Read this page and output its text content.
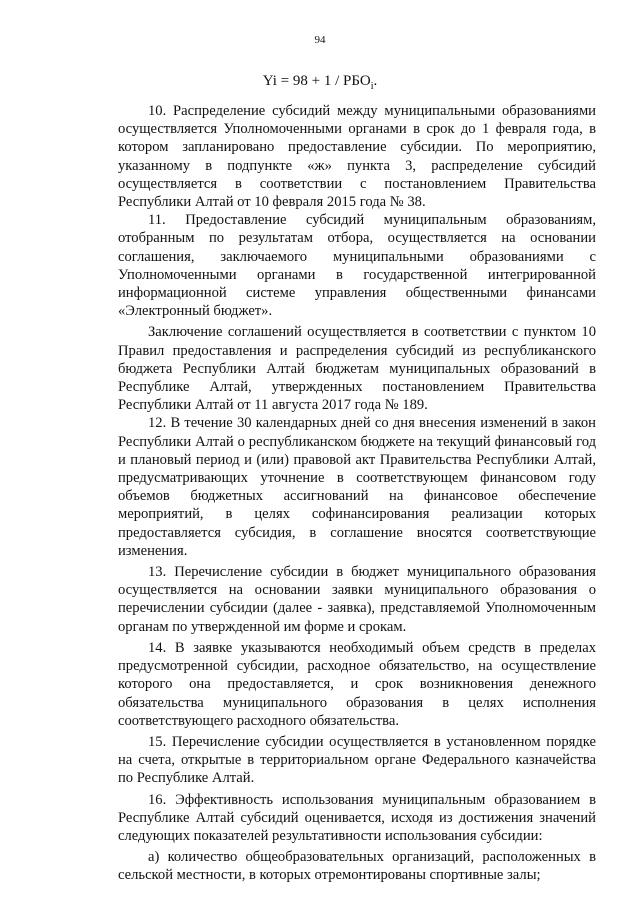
94
$Yi = 98 + 1 / РБО_i$.

10. Распределение субсидий между муниципальными образованиями осуществляется Уполномоченными органами в срок до 1 февраля года, в котором запланировано предоставление субсидии. По мероприятию, указанному в подпункте «ж» пункта 3, распределение субсидий осуществляется в соответствии с постановлением Правительства Республики Алтай от 10 февраля 2015 года № 38.

11. Предоставление субсидий муниципальным образованиям, отобранным по результатам отбора, осуществляется на основании соглашения, заключаемого муниципальными образованиями с Уполномоченными органами в государственной интегрированной информационной системе управления общественными финансами «Электронный бюджет».

Заключение соглашений осуществляется в соответствии с пунктом 10 Правил предоставления и распределения субсидий из республиканского бюджета Республики Алтай бюджетам муниципальных образований в Республике Алтай, утвержденных постановлением Правительства Республики Алтай от 11 августа 2017 года № 189.

12. В течение 30 календарных дней со дня внесения изменений в закон Республики Алтай о республиканском бюджете на текущий финансовый год и плановый период и (или) правовой акт Правительства Республики Алтай, предусматривающих уточнение в соответствующем финансовом году объемов бюджетных ассигнований на финансовое обеспечение мероприятий, в целях софинансирования реализации которых предоставляется субсидия, в соглашение вносятся соответствующие изменения.

13. Перечисление субсидии в бюджет муниципального образования осуществляется на основании заявки муниципального образования о перечислении субсидии (далее - заявка), представляемой Уполномоченным органам по утвержденной им форме и срокам.

14. В заявке указываются необходимый объем средств в пределах предусмотренной субсидии, расходное обязательство, на осуществление которого она предоставляется, и срок возникновения денежного обязательства муниципального образования в целях исполнения соответствующего расходного обязательства.

15. Перечисление субсидии осуществляется в установленном порядке на счета, открытые в территориальном органе Федерального казначейства по Республике Алтай.

16. Эффективность использования муниципальным образованием в Республике Алтай субсидий оценивается, исходя из достижения значений следующих показателей результативности использования субсидии:

а) количество общеобразовательных организаций, расположенных в сельской местности, в которых отремонтированы спортивные залы;
